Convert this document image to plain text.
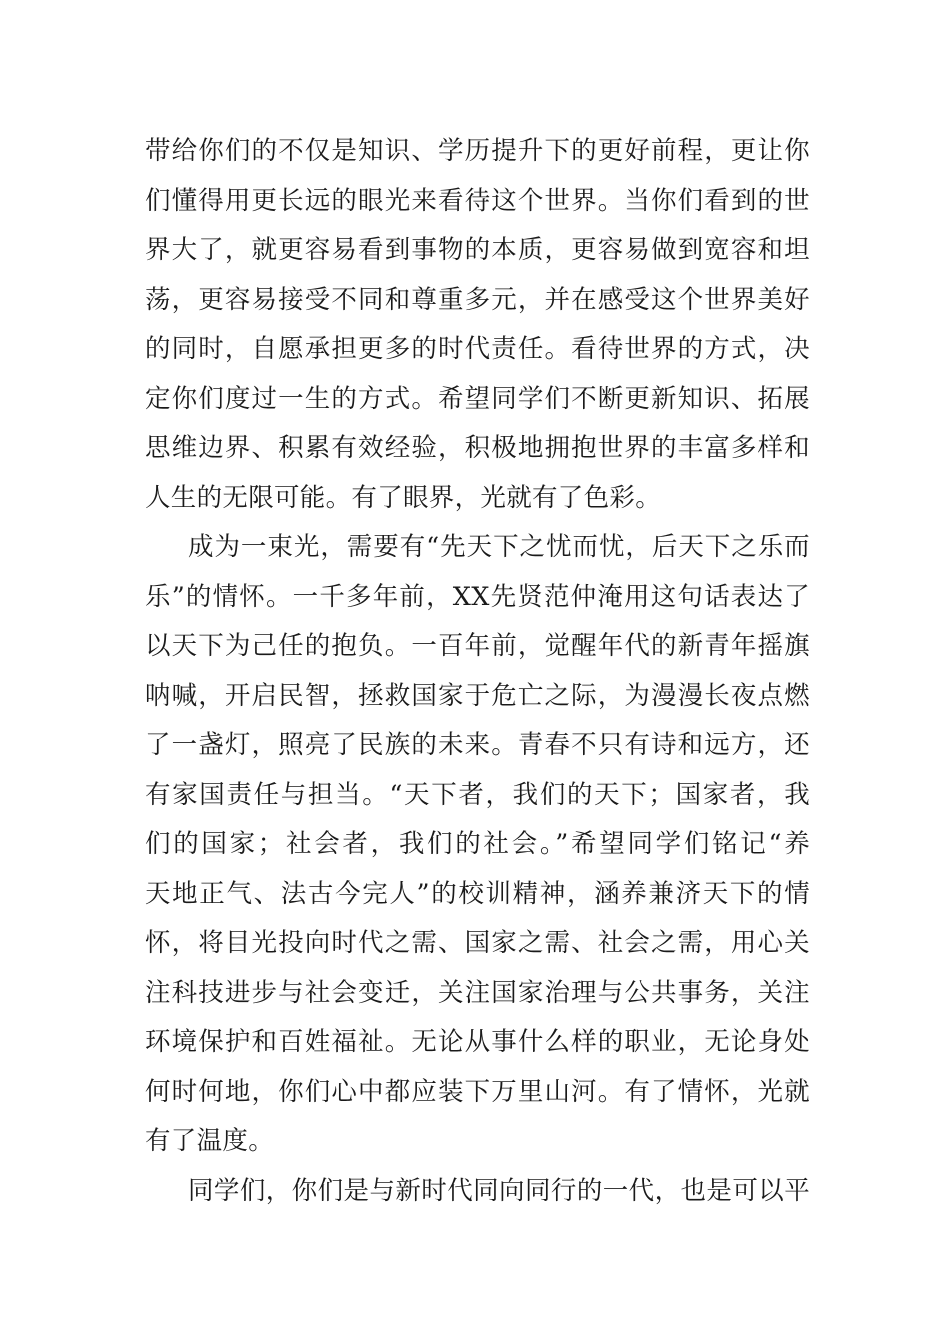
带给你们的不仅是知识、学历提升下的更好前程，更让你
们懂得用更长远的眼光来看待这个世界。当你们看到的世
界大了，就更容易看到事物的本质，更容易做到宽容和坦
荡，更容易接受不同和尊重多元，并在感受这个世界美好
的同时，自愿承担更多的时代责任。看待世界的方式，决
定你们度过一生的方式。希望同学们不断更新知识、拓展
思维边界、积累有效经验，积极地拥抱世界的丰富多样和
人生的无限可能。有了眼界，光就有了色彩。
成为一束光，需要有“先天下之忧而忧，后天下之乐而
乐”的情怀。一千多年前，XX先贤范仲淹用这句话表达了
以天下为己任的抱负。一百年前，觉醒年代的新青年摇旗
呐喊，开启民智，拯救国家于危亡之际，为漫漫长夜点燃
了一盏灯，照亮了民族的未来。青春不只有诗和远方，还
有家国责任与担当。“天下者，我们的天下；国家者，我
们的国家；社会者，我们的社会。”希望同学们铭记“养
天地正气、法古今完人”的校训精神，涵养兼济天下的情
怀，将目光投向时代之需、国家之需、社会之需，用心关
注科技进步与社会变迁，关注国家治理与公共事务，关注
环境保护和百姓福祉。无论从事什么样的职业，无论身处
何时何地，你们心中都应装下万里山河。有了情怀，光就
有了温度。
同学们，你们是与新时代同向同行的一代，也是可以平
